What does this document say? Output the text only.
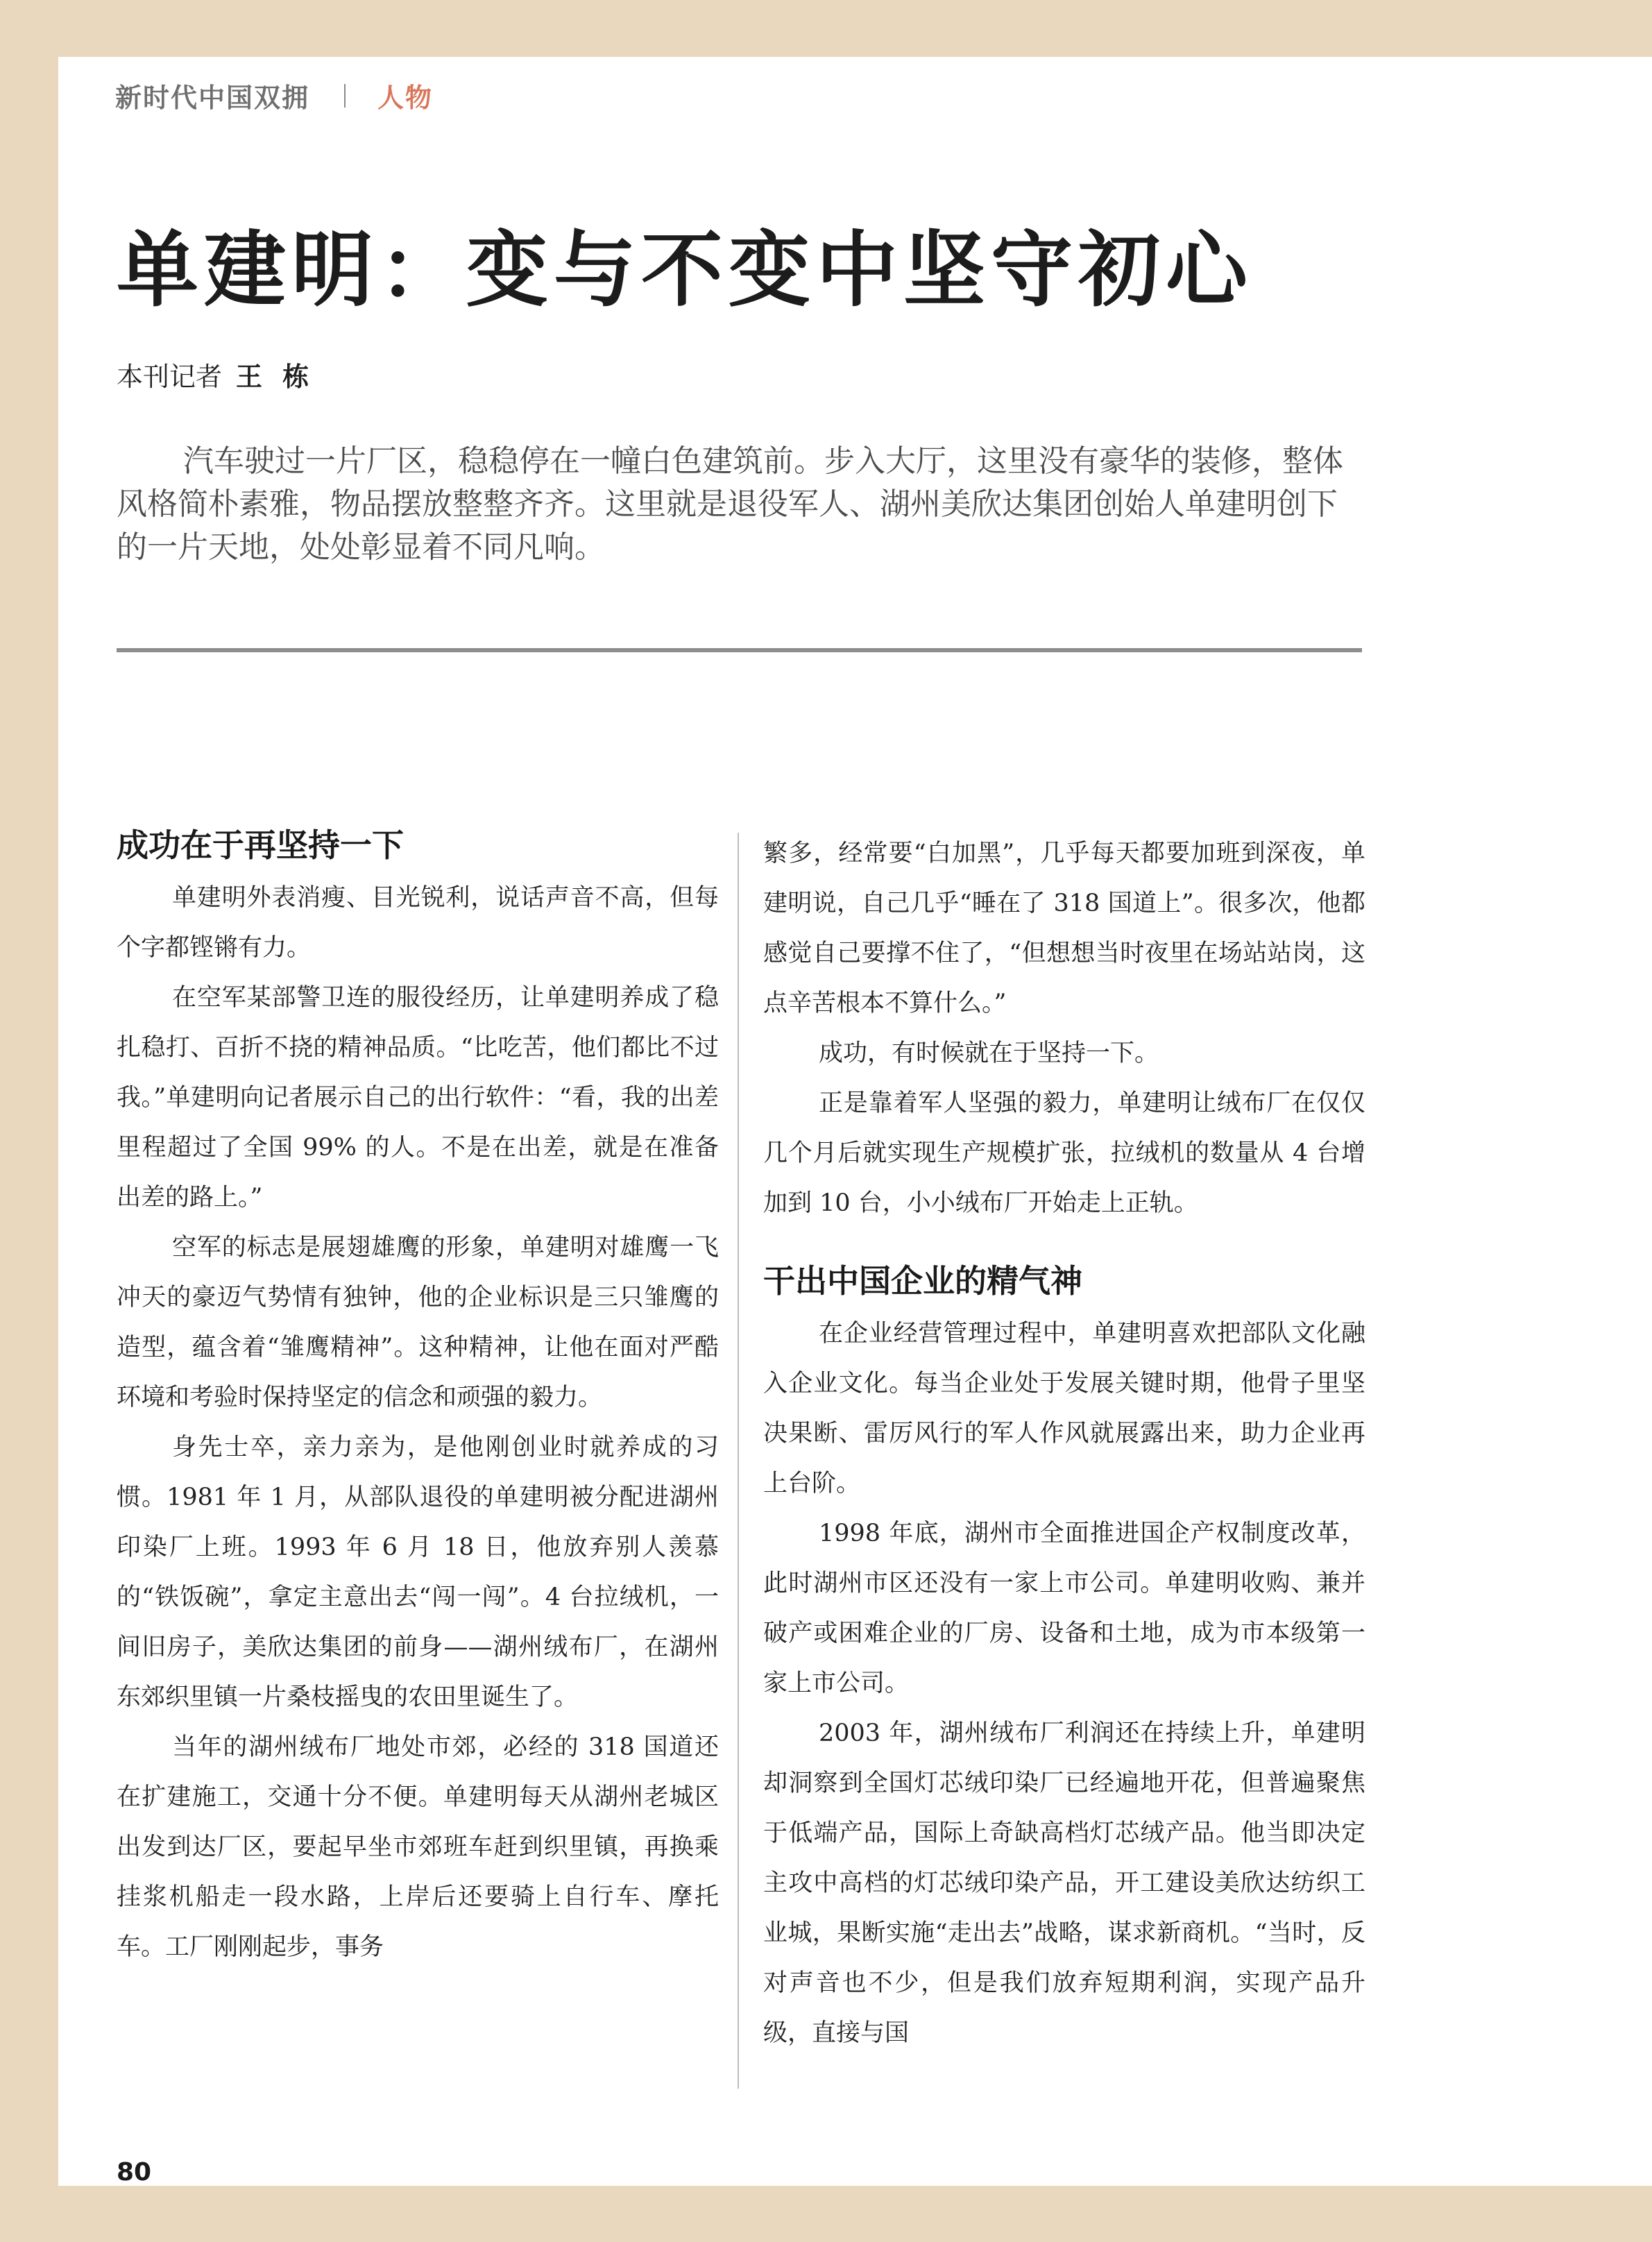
新时代中国双拥	人物
单建明：变与不变中坚守初心
本刊记者 王 栋

汽车驶过一片厂区，稳稳停在一幢白色建筑前。步入大厅，这里没有豪华的装修，整体风格简朴素雅，物品摆放整整齐齐。这里就是退役军人、湖州美欣达集团创始人单建明创下的一片天地，处处彰显着不同凡响。

成功在于再坚持一下

单建明外表消瘦、目光锐利，说话声音不高，但每个字都铿锵有力。

在空军某部警卫连的服役经历，让单建明养成了稳扎稳打、百折不挠的精神品质。“比吃苦，他们都比不过我。”单建明向记者展示自己的出行软件：“看，我的出差里程超过了全国 99% 的人。不是在出差，就是在准备出差的路上。”

空军的标志是展翅雄鹰的形象，单建明对雄鹰一飞冲天的豪迈气势情有独钟，他的企业标识是三只雏鹰的造型，蕴含着“雏鹰精神”。这种精神，让他在面对严酷环境和考验时保持坚定的信念和顽强的毅力。

身先士卒，亲力亲为，是他刚创业时就养成的习惯。1981 年 1 月，从部队退役的单建明被分配进湖州印染厂上班。1993 年 6 月 18 日，他放弃别人羡慕的“铁饭碗”，拿定主意出去“闯一闯”。4 台拉绒机，一间旧房子，美欣达集团的前身——湖州绒布厂，在湖州东郊织里镇一片桑枝摇曳的农田里诞生了。

当年的湖州绒布厂地处市郊，必经的 318 国道还在扩建施工，交通十分不便。单建明每天从湖州老城区出发到达厂区，要起早坐市郊班车赶到织里镇，再换乘挂浆机船走一段水路，上岸后还要骑上自行车、摩托车。工厂刚刚起步，事务

繁多，经常要“白加黑”，几乎每天都要加班到深夜，单建明说，自己几乎“睡在了 318 国道上”。很多次，他都感觉自己要撑不住了，“但想想当时夜里在场站站岗，这点辛苦根本不算什么。”

成功，有时候就在于坚持一下。

正是靠着军人坚强的毅力，单建明让绒布厂在仅仅几个月后就实现生产规模扩张，拉绒机的数量从 4 台增加到 10 台，小小绒布厂开始走上正轨。

干出中国企业的精气神

在企业经营管理过程中，单建明喜欢把部队文化融入企业文化。每当企业处于发展关键时期，他骨子里坚决果断、雷厉风行的军人作风就展露出来，助力企业再上台阶。

1998 年底，湖州市全面推进国企产权制度改革，此时湖州市区还没有一家上市公司。单建明收购、兼并破产或困难企业的厂房、设备和土地，成为市本级第一家上市公司。

2003 年，湖州绒布厂利润还在持续上升，单建明却洞察到全国灯芯绒印染厂已经遍地开花，但普遍聚焦于低端产品，国际上奇缺高档灯芯绒产品。他当即决定主攻中高档的灯芯绒印染产品，开工建设美欣达纺织工业城，果断实施“走出去”战略，谋求新商机。“当时，反对声音也不少，但是我们放弃短期利润，实现产品升级，直接与国

80
